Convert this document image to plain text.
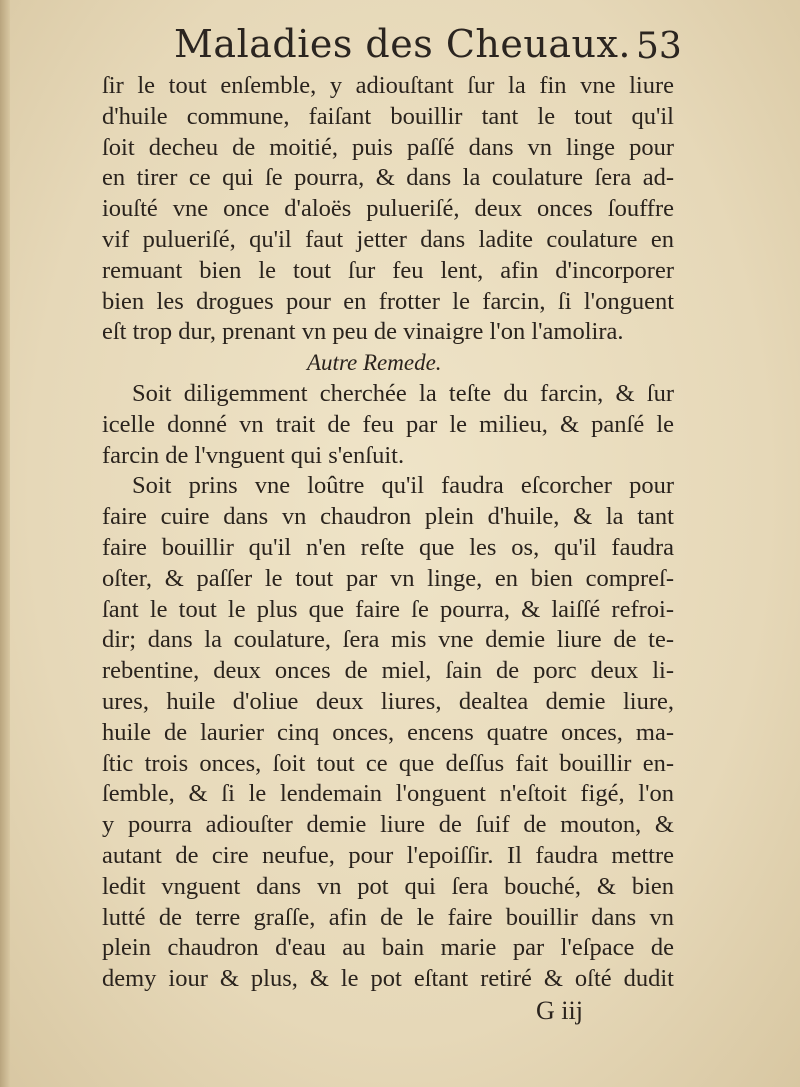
Maladies des Cheuaux. 53
ſir le tout enſemble, y adiouſtant ſur la fin vne liure
d'huile commune, faiſant bouillir tant le tout qu'il
ſoit decheu de moitié, puis paſſé dans vn linge pour
en tirer ce qui ſe pourra, & dans la coulature ſera ad-
iouſté vne once d'aloës pulueriſé, deux onces ſouffre
vif pulueriſé, qu'il faut jetter dans ladite coulature en
remuant bien le tout ſur feu lent, afin d'incorporer
bien les drogues pour en frotter le farcin, ſi l'onguent
eſt trop dur, prenant vn peu de vinaigre l'on l'amolira.
Autre Remede.
Soit diligemment cherchée la teſte du farcin, & ſur
icelle donné vn trait de feu par le milieu, & panſé le
farcin de l'vnguent qui s'enſuit.
Soit prins vne loûtre qu'il faudra eſcorcher pour
faire cuire dans vn chaudron plein d'huile, & la tant
faire bouillir qu'il n'en reſte que les os, qu'il faudra
oſter, & paſſer le tout par vn linge, en bien compreſ-
ſant le tout le plus que faire ſe pourra, & laiſſé refroi-
dir; dans la coulature, ſera mis vne demie liure de te-
rebentine, deux onces de miel, ſain de porc deux li-
ures, huile d'oliue deux liures, dealtea demie liure,
huile de laurier cinq onces, encens quatre onces, ma-
ſtic trois onces, ſoit tout ce que deſſus fait bouillir en-
ſemble, & ſi le lendemain l'onguent n'eſtoit figé, l'on
y pourra adiouſter demie liure de ſuif de mouton, &
autant de cire neufue, pour l'epoiſſir. Il faudra mettre
ledit vnguent dans vn pot qui ſera bouché, & bien
lutté de terre graſſe, afin de le faire bouillir dans vn
plein chaudron d'eau au bain marie par l'eſpace de
demy iour & plus, & le pot eſtant retiré & oſté dudit
G iij
